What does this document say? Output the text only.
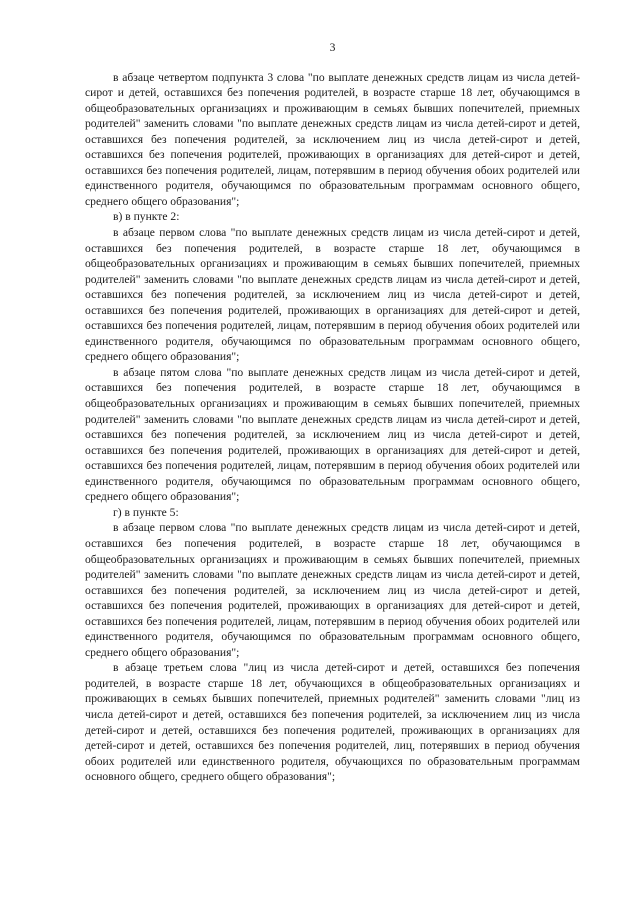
3

в абзаце четвертом подпункта 3 слова "по выплате денежных средств лицам из числа детей-сирот и детей, оставшихся без попечения родителей, в возрасте старше 18 лет, обучающимся в общеобразовательных организациях и проживающим в семьях бывших попечителей, приемных родителей" заменить словами "по выплате денежных средств лицам из числа детей-сирот и детей, оставшихся без попечения родителей, за исключением лиц из числа детей-сирот и детей, оставшихся без попечения родителей, проживающих в организациях для детей-сирот и детей, оставшихся без попечения родителей, лицам, потерявшим в период обучения обоих родителей или единственного родителя, обучающимся по образовательным программам основного общего, среднего общего образования";

в) в пункте 2:

в абзаце первом слова "по выплате денежных средств лицам из числа детей-сирот и детей, оставшихся без попечения родителей, в возрасте старше 18 лет, обучающимся в общеобразовательных организациях и проживающим в семьях бывших попечителей, приемных родителей" заменить словами "по выплате денежных средств лицам из числа детей-сирот и детей, оставшихся без попечения родителей, за исключением лиц из числа детей-сирот и детей, оставшихся без попечения родителей, проживающих в организациях для детей-сирот и детей, оставшихся без попечения родителей, лицам, потерявшим в период обучения обоих родителей или единственного родителя, обучающимся по образовательным программам основного общего, среднего общего образования";

в абзаце пятом слова "по выплате денежных средств лицам из числа детей-сирот и детей, оставшихся без попечения родителей, в возрасте старше 18 лет, обучающимся в общеобразовательных организациях и проживающим в семьях бывших попечителей, приемных родителей" заменить словами "по выплате денежных средств лицам из числа детей-сирот и детей, оставшихся без попечения родителей, за исключением лиц из числа детей-сирот и детей, оставшихся без попечения родителей, проживающих в организациях для детей-сирот и детей, оставшихся без попечения родителей, лицам, потерявшим в период обучения обоих родителей или единственного родителя, обучающимся по образовательным программам основного общего, среднего общего образования";

г) в пункте 5:

в абзаце первом слова "по выплате денежных средств лицам из числа детей-сирот и детей, оставшихся без попечения родителей, в возрасте старше 18 лет, обучающимся в общеобразовательных организациях и проживающим в семьях бывших попечителей, приемных родителей" заменить словами "по выплате денежных средств лицам из числа детей-сирот и детей, оставшихся без попечения родителей, за исключением лиц из числа детей-сирот и детей, оставшихся без попечения родителей, проживающих в организациях для детей-сирот и детей, оставшихся без попечения родителей, лицам, потерявшим в период обучения обоих родителей или единственного родителя, обучающимся по образовательным программам основного общего, среднего общего образования";

в абзаце третьем слова "лиц из числа детей-сирот и детей, оставшихся без попечения родителей, в возрасте старше 18 лет, обучающихся в общеобразовательных организациях и проживающих в семьях бывших попечителей, приемных родителей" заменить словами "лиц из числа детей-сирот и детей, оставшихся без попечения родителей, за исключением лиц из числа детей-сирот и детей, оставшихся без попечения родителей, проживающих в организациях для детей-сирот и детей, оставшихся без попечения родителей, лиц, потерявших в период обучения обоих родителей или единственного родителя, обучающихся по образовательным программам основного общего, среднего общего образования";
